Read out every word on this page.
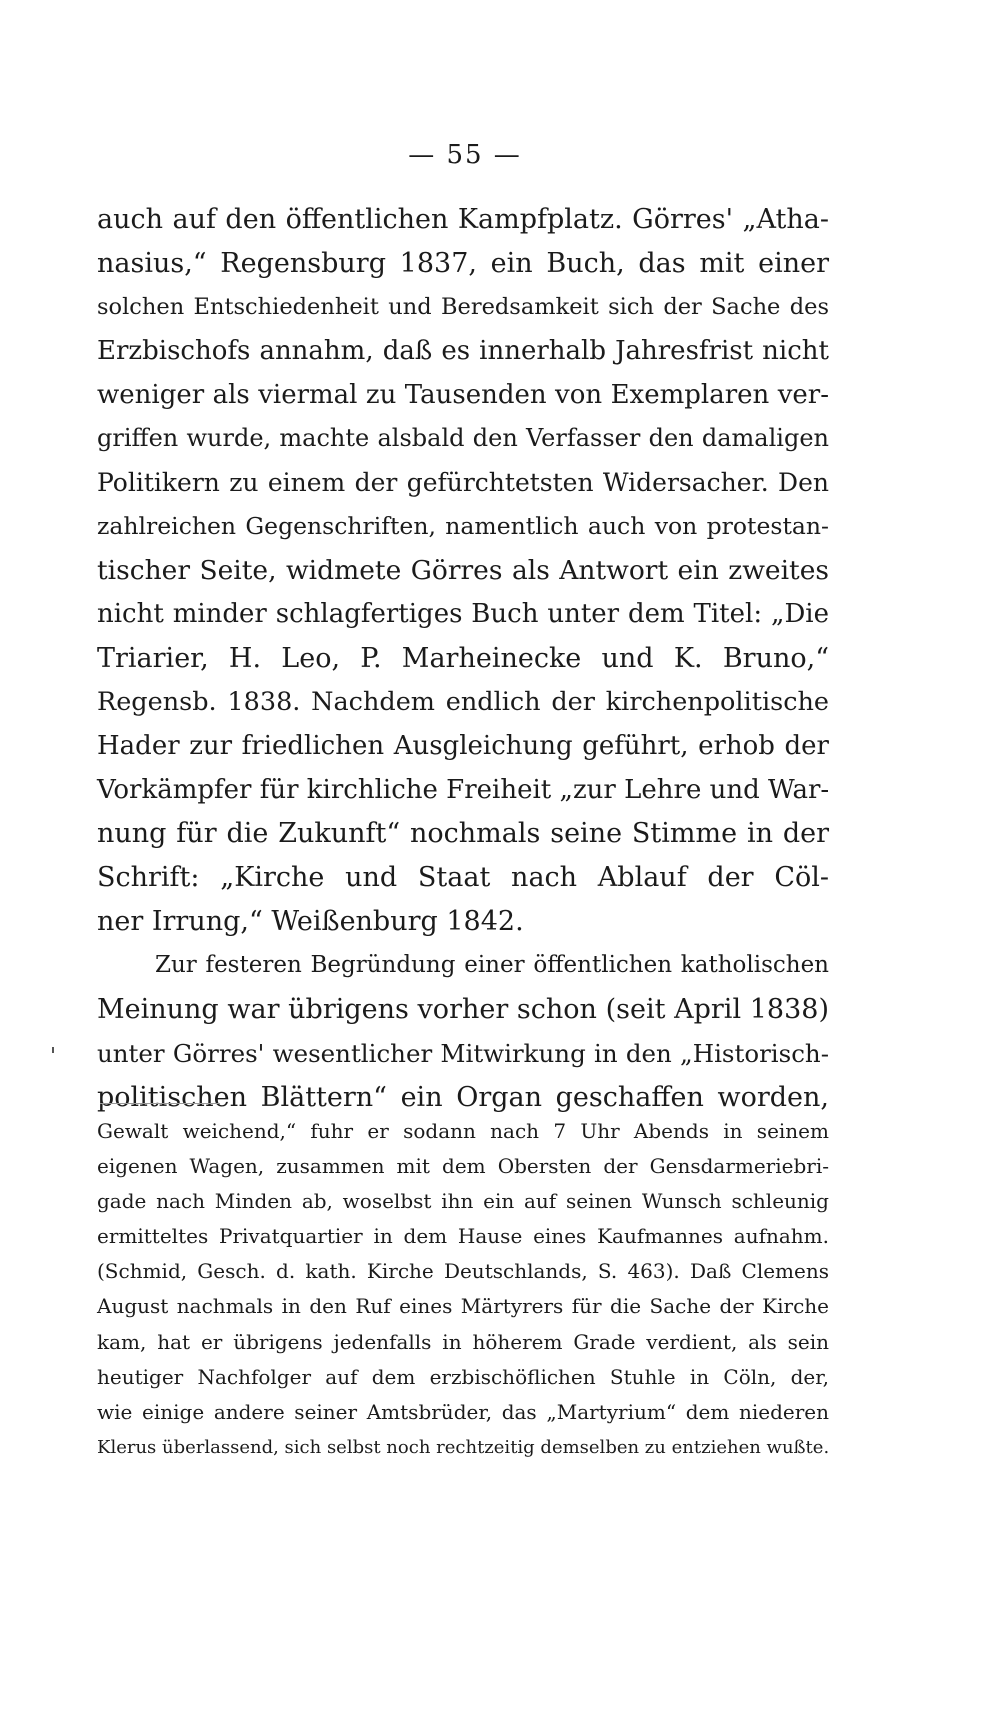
— 55 —
auch auf den öffentlichen Kampfplatz. Görres' „Atha-
nasius,“ Regensburg 1837, ein Buch, das mit einer
solchen Entschiedenheit und Beredsamkeit sich der Sache des
Erzbischofs annahm, daß es innerhalb Jahresfrist nicht
weniger als viermal zu Tausenden von Exemplaren ver-
griffen wurde, machte alsbald den Verfasser den damaligen
Politikern zu einem der gefürchtetsten Widersacher. Den
zahlreichen Gegenschriften, namentlich auch von protestan-
tischer Seite, widmete Görres als Antwort ein zweites
nicht minder schlagfertiges Buch unter dem Titel: „Die
Triarier, H. Leo, P. Marheinecke und K. Bruno,“
Regensb. 1838. Nachdem endlich der kirchenpolitische
Hader zur friedlichen Ausgleichung geführt, erhob der
Vorkämpfer für kirchliche Freiheit „zur Lehre und War-
nung für die Zukunft“ nochmals seine Stimme in der
Schrift: „Kirche und Staat nach Ablauf der Cöl-
ner Irrung,“ Weißenburg 1842.
Zur festeren Begründung einer öffentlichen katholischen
Meinung war übrigens vorher schon (seit April 1838)
unter Görres' wesentlicher Mitwirkung in den „Historisch-
politischen Blättern“ ein Organ geschaffen worden,
Gewalt weichend,“ fuhr er sodann nach 7 Uhr Abends in seinem
eigenen Wagen, zusammen mit dem Obersten der Gensdarmeriebri-
gade nach Minden ab, woselbst ihn ein auf seinen Wunsch schleunig
ermitteltes Privatquartier in dem Hause eines Kaufmannes aufnahm.
(Schmid, Gesch. d. kath. Kirche Deutschlands, S. 463). Daß Clemens
August nachmals in den Ruf eines Märtyrers für die Sache der Kirche
kam, hat er übrigens jedenfalls in höherem Grade verdient, als sein
heutiger Nachfolger auf dem erzbischöflichen Stuhle in Cöln, der,
wie einige andere seiner Amtsbrüder, das „Martyrium“ dem niederen
Klerus überlassend, sich selbst noch rechtzeitig demselben zu entziehen wußte.
